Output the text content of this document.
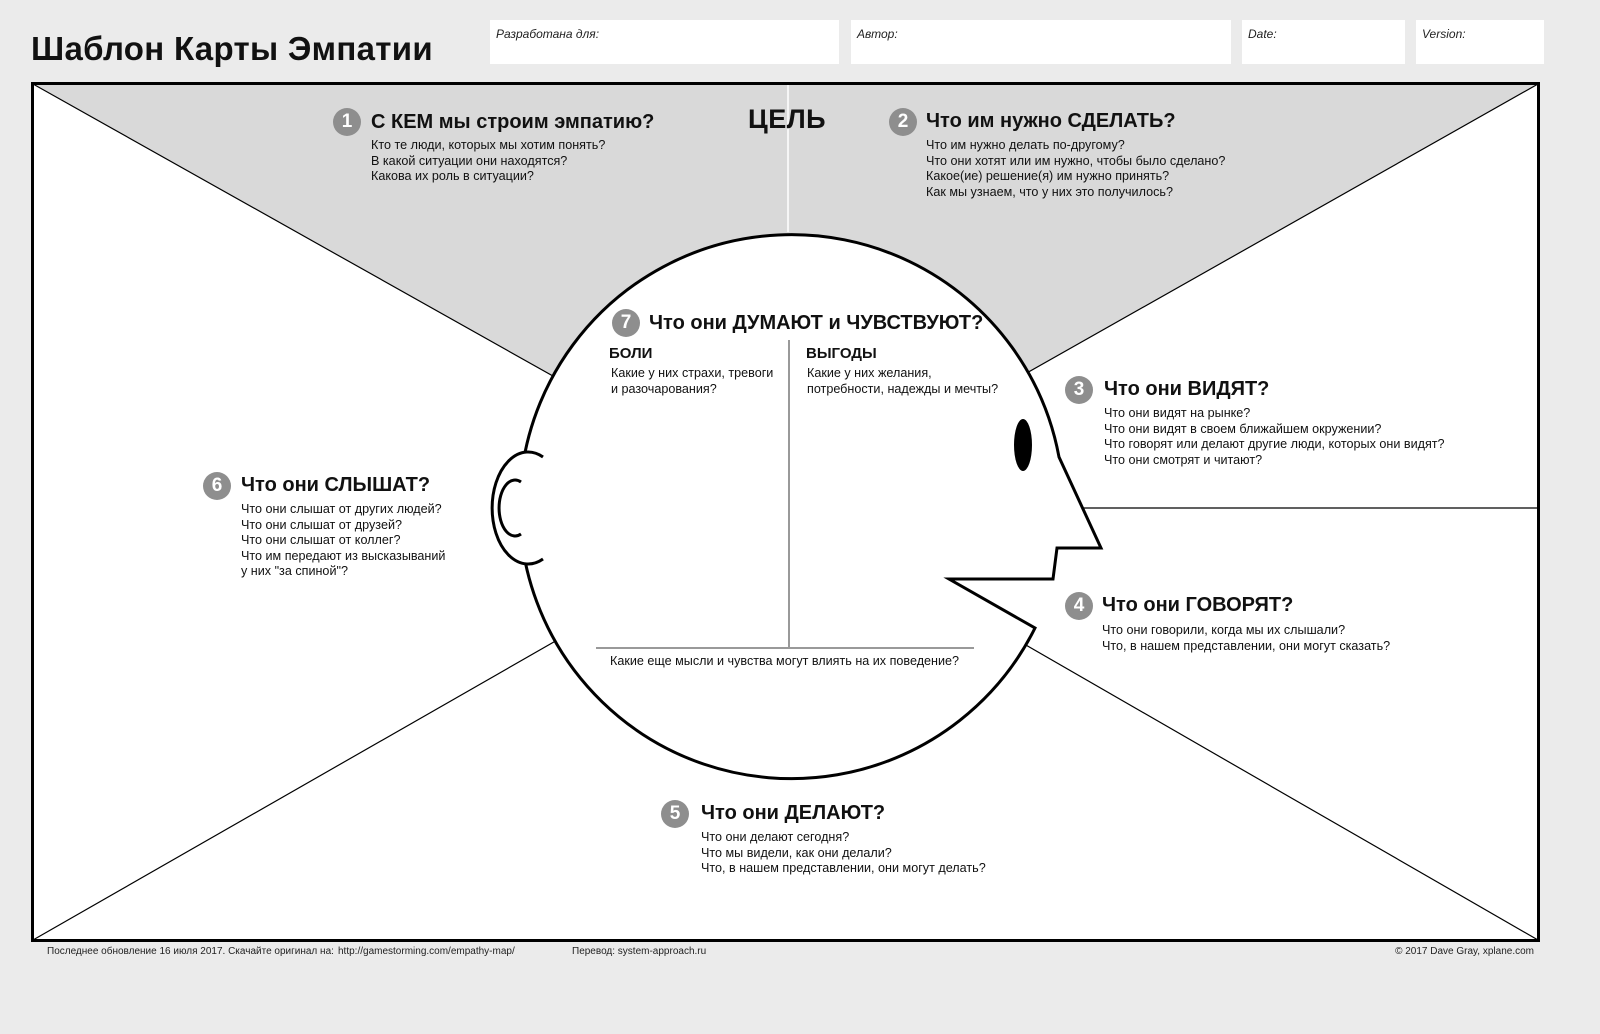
Шаблон Карты Эмпатии	Разработана для:	Автор:	Date:	Version:
ЦЕЛЬ
1 С КЕМ мы строим эмпатию?
Кто те люди, которых мы хотим понять?
В какой ситуации они находятся?
Какова их роль в ситуации?
2 Что им нужно СДЕЛАТЬ?
Что им нужно делать по-другому?
Что они хотят или им нужно, чтобы было сделано?
Какое(ие) решение(я) им нужно принять?
Как мы узнаем, что у них это получилось?
3 Что они ВИДЯТ?
Что они видят на рынке?
Что они видят в своем ближайшем окружении?
Что говорят или делают другие люди, которых они видят?
Что они смотрят и читают?
4 Что они ГОВОРЯТ?
Что они говорили, когда мы их слышали?
Что, в нашем представлении, они могут сказать?
5	Что они ДЕЛАЮТ?
Что они делают сегодня?
Что мы видели, как они делали?
Что, в нашем представлении, они могут делать?
6 Что они СЛЫШАТ?
Что они слышат от других людей?
Что они слышат от друзей?
Что они слышат от коллег?
Что им передают из высказываний
у них "за спиной"?
7 Что они ДУМАЮТ и ЧУВСТВУЮТ?
БОЛИ
Какие у них страхи, тревоги
и разочарования?
ВЫГОДЫ
Какие у них желания,
потребности, надежды и мечты?
Какие еще мысли и чувства могут влиять на их поведение?
Последнее обновление 16 июля 2017. Скачайте оригинал на: http://gamestorming.com/empathy-map/	Перевод: system-approach.ru	© 2017 Dave Gray, xplane.com
